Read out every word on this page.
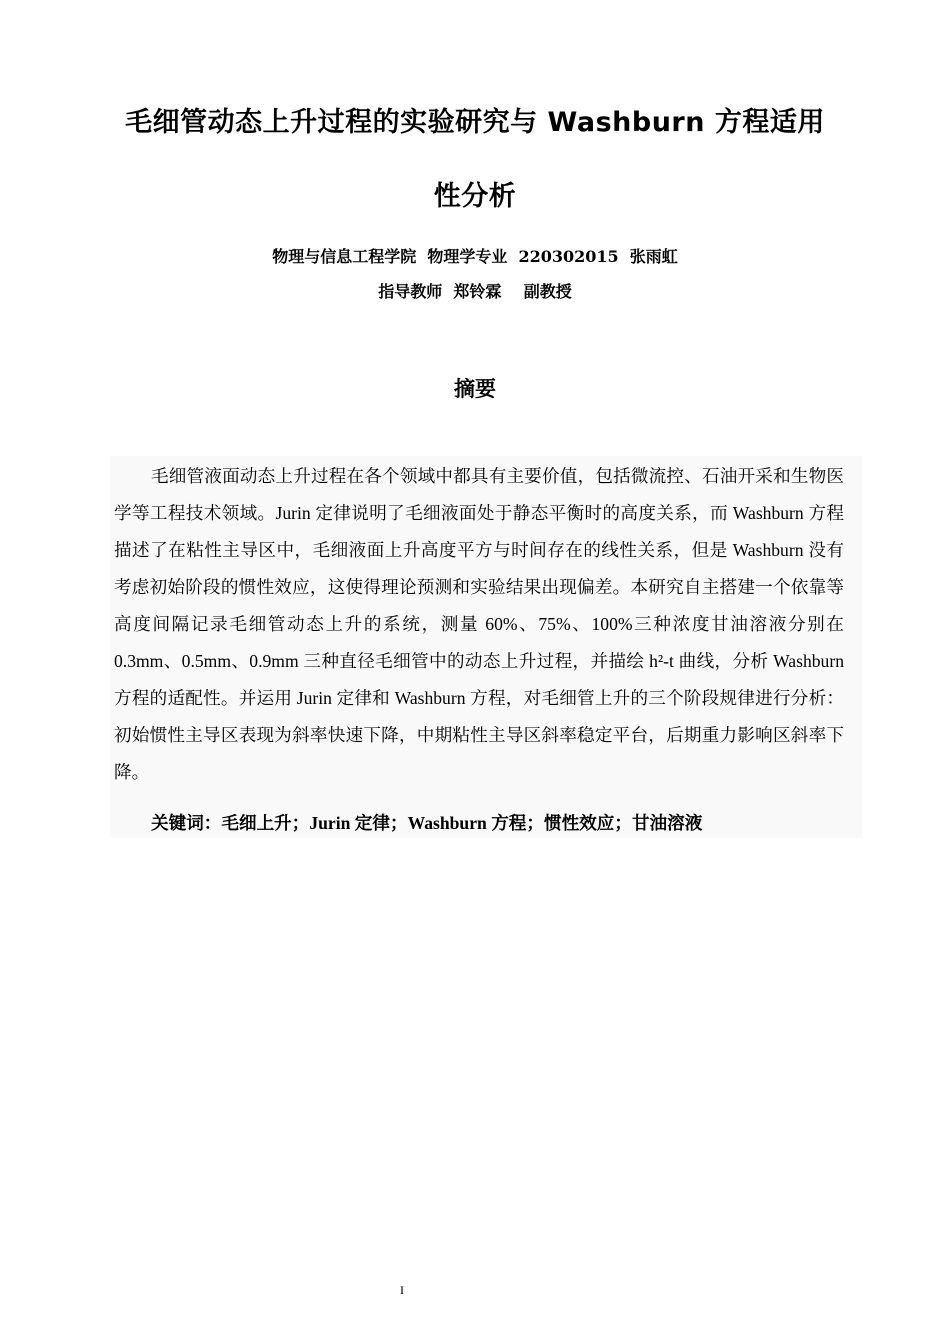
毛细管动态上升过程的实验研究与 Washburn 方程适用
性分析
物理与信息工程学院  物理学专业  220302015  张雨虹
指导教师  郑铃霖    副教授
摘要

毛细管液面动态上升过程在各个领域中都具有主要价值，包括微流控、石油开采和生物医学等工程技术领域。Jurin 定律说明了毛细液面处于静态平衡时的高度关系，而 Washburn 方程描述了在粘性主导区中，毛细液面上升高度平方与时间存在的线性关系，但是 Washburn 没有考虑初始阶段的惯性效应，这使得理论预测和实验结果出现偏差。本研究自主搭建一个依靠等高度间隔记录毛细管动态上升的系统，测量 60%、75%、100%三种浓度甘油溶液分别在 0.3mm、0.5mm、0.9mm 三种直径毛细管中的动态上升过程，并描绘 h²-t 曲线，分析 Washburn 方程的适配性。并运用 Jurin 定律和 Washburn 方程，对毛细管上升的三个阶段规律进行分析：初始惯性主导区表现为斜率快速下降，中期粘性主导区斜率稳定平台，后期重力影响区斜率下降。

关键词：毛细上升；Jurin 定律；Washburn 方程；惯性效应；甘油溶液
I
